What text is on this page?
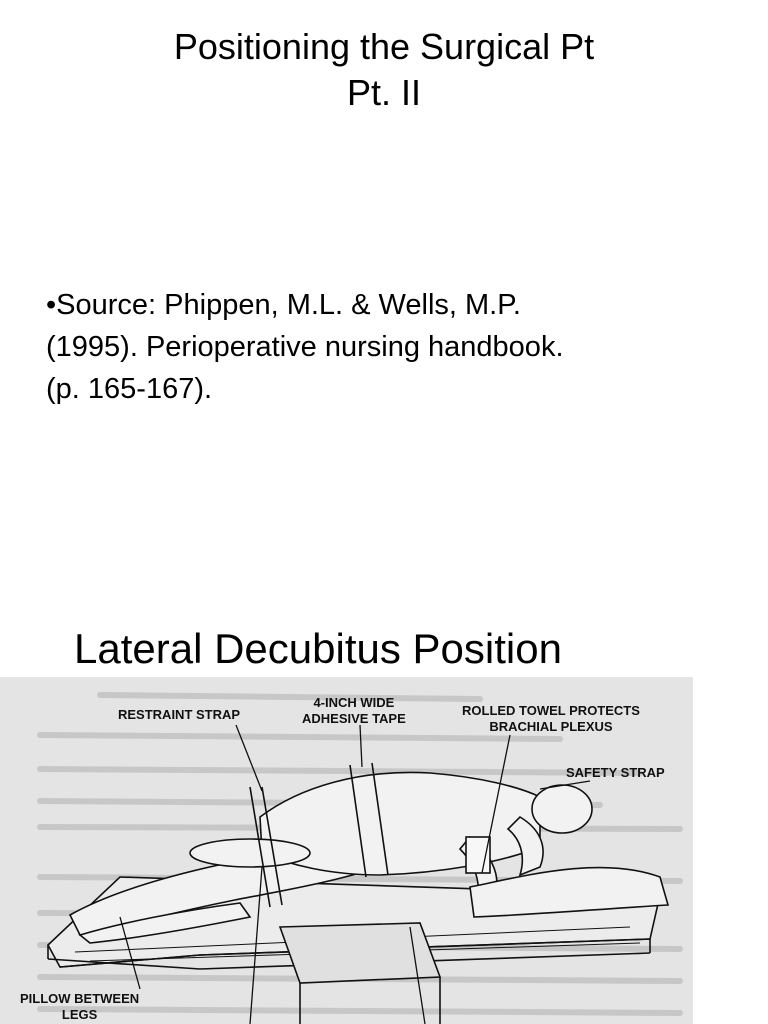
Positioning the Surgical Pt
Pt. II
•Source: Phippen, M.L. & Wells, M.P.
(1995). Perioperative nursing handbook.
(p. 165-167).
Lateral Decubitus Position
RESTRAINT STRAP
4-INCH WIDE
ADHESIVE TAPE
ROLLED TOWEL PROTECTS
BRACHIAL PLEXUS
SAFETY STRAP
PILLOW BETWEEN
LEGS
